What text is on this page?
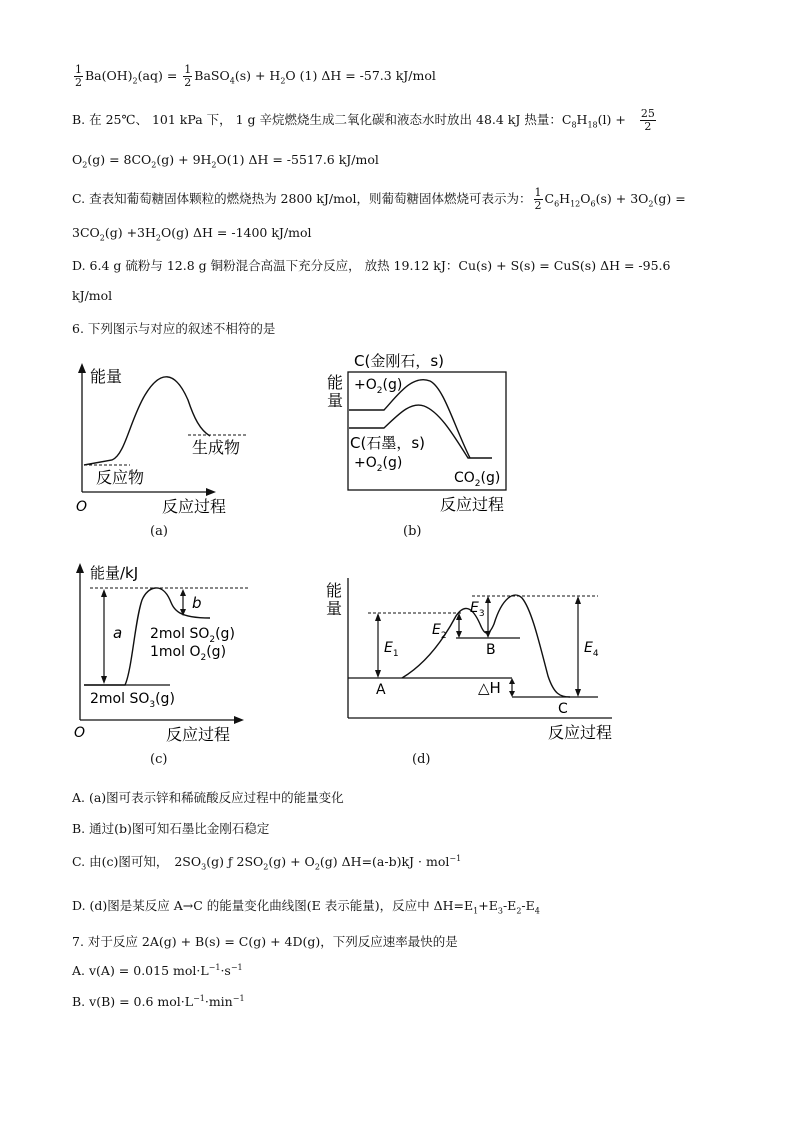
$\frac{1}{2} Ba(OH)_2(aq) = \frac{1}{2}$ BaSO$_4$(s) + $H_2O$ (1) ΔH = -57.3 kJ/mol
B. 在 25℃、 101 kPa 下， 1 g 辛烷燃烧生成二氧化碳和液态水时放出 48.4 kJ 热量：$C_8H_{18}(l) + \frac{25}{2}$
$O_2(g) = 8CO_2(g) + 9H_2O(1) \Delta H = -5517.6$ kJ/mol
C. 查表知葡萄糖固体颗粒的燃烧热为 2800 kJ/mol，则葡萄糖固体燃烧可表示为： $\frac{1}{2} C_6H_{12}O_6(s) + 3O_2(g)$ =
$3CO_2(g) +3H_2O(g) \Delta H = -1400$ kJ/mol
D. 6.4 g 硫粉与 12.8 g 铜粉混合高温下充分反应， 放热 19.12 kJ：Cu(s) + S(s) = CuS(s) ΔH = -95.6
kJ/mol
6. 下列图示与对应的叙述不相符的是
能量
生成物
反应物
O	反应过程
(a)
C(金刚石，s)
能
量
$+O_2(g)$
C(石墨，s)
$+O_2(g)$
$CO_2(g)$
反应过程
(b)
能量/kJ
a
b
2mol $SO_2(g)$
1mol $O_2(g)$
2mol $SO_3(g)$
O	反应过程
(c)
能
量
$E_1$
$E_2$
$E_3$
$E_4$
△H
A
B
C
反应过程
(d)
A. (a)图可表示锌和稀硫酸反应过程中的能量变化
B. 通过(b)图可知石墨比金刚石稳定
C. 由(c)图可知， $2SO_3(g)$ ƒ $2SO_2(g) + O_2(g) \Delta H=(a-b)kJ \cdot mol^{-1}$
D. (d)图是某反应 A→C 的能量变化曲线图(E 表示能量)，反应中 $\Delta H=E_1+E_3-E_2-E_4$
7. 对于反应 2A(g) + B(s) = C(g) + 4D(g)，下列反应速率最快的是
A. v(A) = 0.015 $mol\cdot L^{-1}\cdot s^{-1}$
B. v(B) = 0.6 $mol\cdot L^{-1}\cdot\min^{-1}$
